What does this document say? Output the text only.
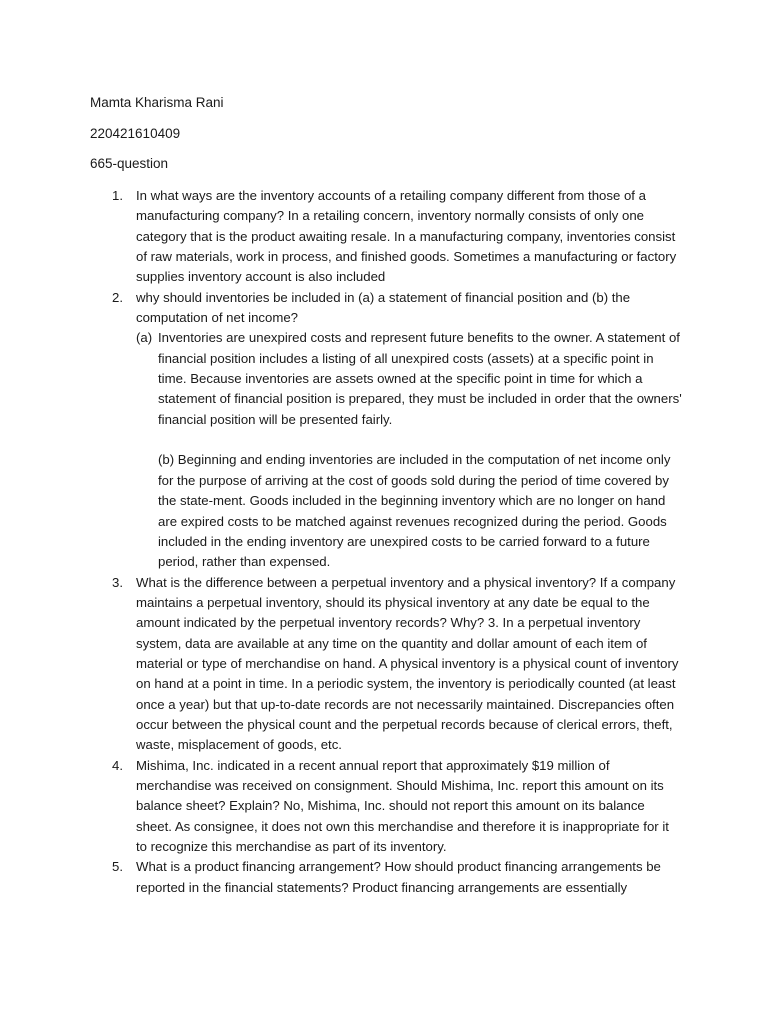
Mamta Kharisma Rani
220421610409
665-question
1. In what ways are the inventory accounts of a retailing company different from those of a manufacturing company? In a retailing concern, inventory normally consists of only one category that is the product awaiting resale. In a manufacturing company, inventories consist of raw materials, work in process, and finished goods. Sometimes a manufacturing or factory supplies inventory account is also included
2. why should inventories be included in (a) a statement of financial position and (b) the computation of net income?
(a) Inventories are unexpired costs and represent future benefits to the owner. A statement of financial position includes a listing of all unexpired costs (assets) at a specific point in time. Because inventories are assets owned at the specific point in time for which a statement of financial position is prepared, they must be included in order that the owners' financial position will be presented fairly.
(b) Beginning and ending inventories are included in the computation of net income only for the purpose of arriving at the cost of goods sold during the period of time covered by the state-ment. Goods included in the beginning inventory which are no longer on hand are expired costs to be matched against revenues recognized during the period. Goods included in the ending inventory are unexpired costs to be carried forward to a future period, rather than expensed.
3. What is the difference between a perpetual inventory and a physical inventory? If a company maintains a perpetual inventory, should its physical inventory at any date be equal to the amount indicated by the perpetual inventory records? Why? 3. In a perpetual inventory system, data are available at any time on the quantity and dollar amount of each item of material or type of merchandise on hand. A physical inventory is a physical count of inventory on hand at a point in time. In a periodic system, the inventory is periodically counted (at least once a year) but that up-to-date records are not necessarily maintained. Discrepancies often occur between the physical count and the perpetual records because of clerical errors, theft, waste, misplacement of goods, etc.
4. Mishima, Inc. indicated in a recent annual report that approximately $19 million of merchandise was received on consignment. Should Mishima, Inc. report this amount on its balance sheet? Explain? No, Mishima, Inc. should not report this amount on its balance sheet. As consignee, it does not own this merchandise and therefore it is inappropriate for it to recognize this merchandise as part of its inventory.
5. What is a product financing arrangement? How should product financing arrangements be reported in the financial statements? Product financing arrangements are essentially
